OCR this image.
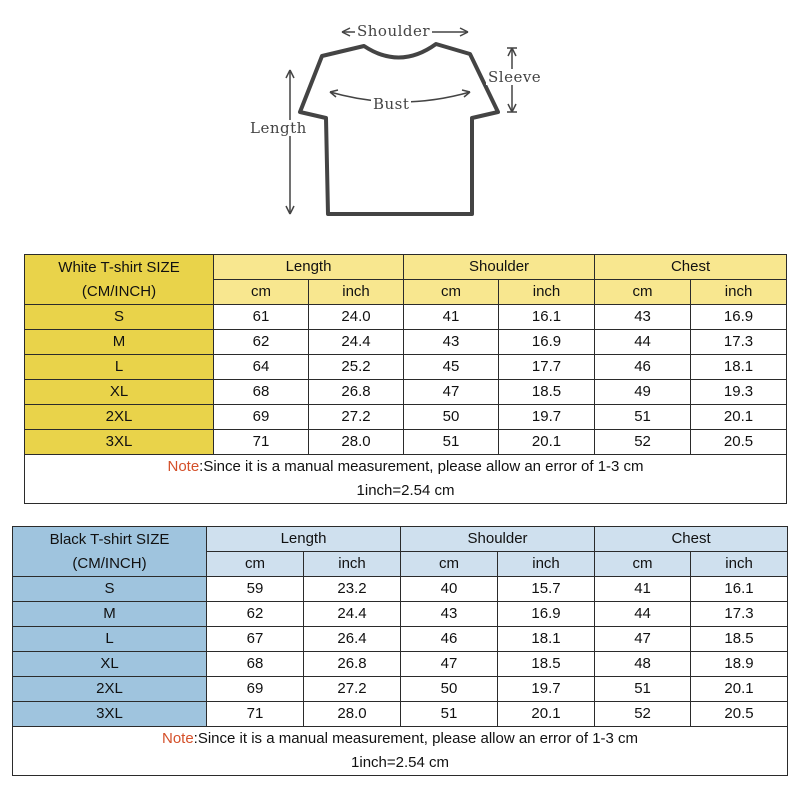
Shoulder
Sleeve
Bust
Length
White T-shirt SIZE
(CM/INCH)	Length		Shoulder		Chest	
	cm	inch	cm	inch	cm	inch
S	61	24.0	41	16.1	43	16.9
M	62	24.4	43	16.9	44	17.3
L	64	25.2	45	17.7	46	18.1
XL	68	26.8	47	18.5	49	19.3
2XL	69	27.2	50	19.7	51	20.1
3XL	71	28.0	51	20.1	52	20.5

Note:Since it is a manual measurement, please allow an error of 1-3 cm
1inch=2.54 cm						
Black T-shirt SIZE
(CM/INCH)	Length		Shoulder		Chest	
	cm	inch	cm	inch	cm	inch
S	59	23.2	40	15.7	41	16.1
M	62	24.4	43	16.9	44	17.3
L	67	26.4	46	18.1	47	18.5
XL	68	26.8	47	18.5	48	18.9
2XL	69	27.2	50	19.7	51	20.1
3XL	71	28.0	51	20.1	52	20.5

Note:Since it is a manual measurement, please allow an error of 1-3 cm
1inch=2.54 cm						
